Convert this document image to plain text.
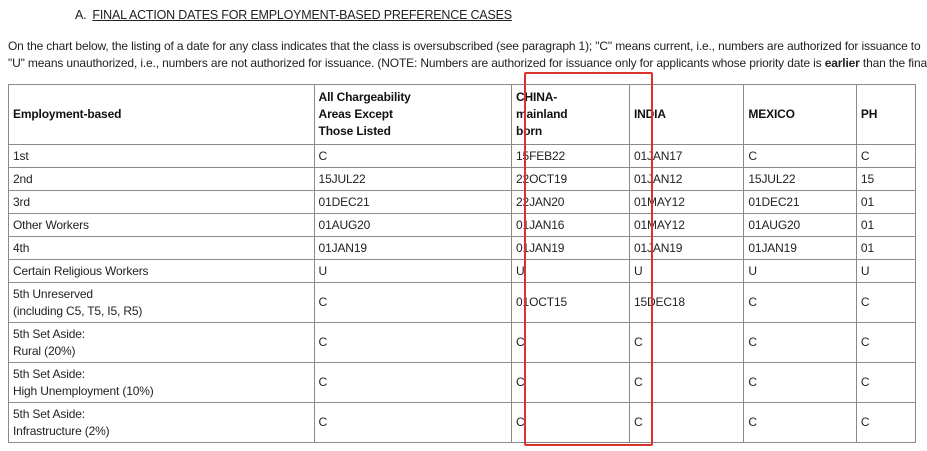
A. FINAL ACTION DATES FOR EMPLOYMENT-BASED PREFERENCE CASES
On the chart below, the listing of a date for any class indicates that the class is oversubscribed (see paragraph 1); "C" means current, i.e., numbers are authorized for issuance to
"U" means unauthorized, i.e., numbers are not authorized for issuance. (NOTE: Numbers are authorized for issuance only for applicants whose priority date is earlier than the fina
Employment-based	All Chargeability Areas Except Those Listed	CHINA-mainland born	INDIA	MEXICO	PH
1st	C	15FEB22	01JAN17	C	C
2nd	15JUL22	22OCT19	01JAN12	15JUL22	15
3rd	01DEC21	22JAN20	01MAY12	01DEC21	01
Other Workers	01AUG20	01JAN16	01MAY12	01AUG20	01
4th	01JAN19	01JAN19	01JAN19	01JAN19	01
Certain Religious Workers	U	U	U	U	U

5th Unreserved
(including C5, T5, I5, R5)	C	01OCT15	15DEC18	C	C

5th Set Aside:
Rural (20%)	C	C	C	C	C

5th Set Aside:
High Unemployment (10%)	C	C	C	C	C

5th Set Aside:
Infrastructure (2%)	C	C	C	C	C
